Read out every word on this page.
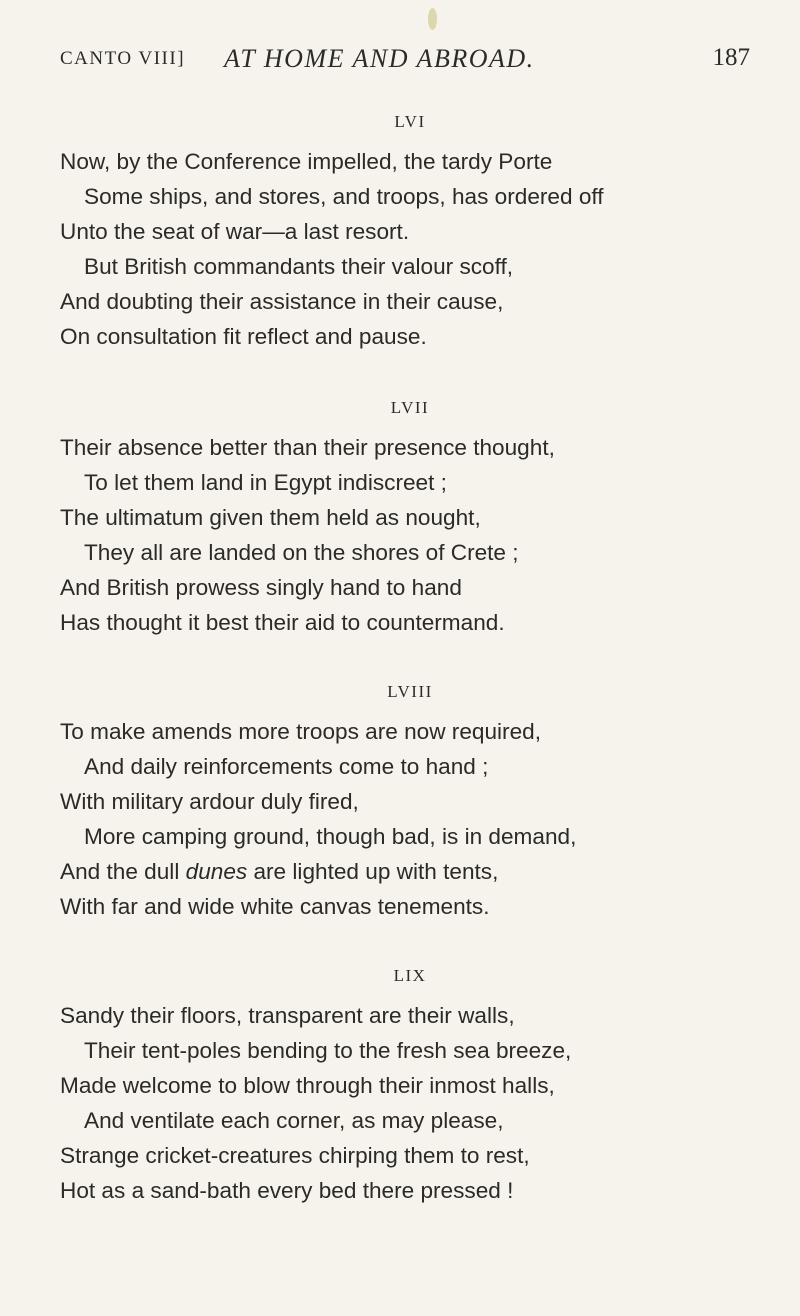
CANTO VIII] AT HOME AND ABROAD.	187
LVI
Now, by the Conference impelled, the tardy Porte
Some ships, and stores, and troops, has ordered off
Unto the seat of war—a last resort.
But British commandants their valour scoff,
And doubting their assistance in their cause,
On consultation fit reflect and pause.
LVII
Their absence better than their presence thought,
To let them land in Egypt indiscreet ;
The ultimatum given them held as nought,
They all are landed on the shores of Crete ;
And British prowess singly hand to hand
Has thought it best their aid to countermand.
LVIII
To make amends more troops are now required,
And daily reinforcements come to hand ;
With military ardour duly fired,
More camping ground, though bad, is in demand,
And the dull dunes are lighted up with tents,
With far and wide white canvas tenements.
LIX
Sandy their floors, transparent are their walls,
Their tent-poles bending to the fresh sea breeze,
Made welcome to blow through their inmost halls,
And ventilate each corner, as may please,
Strange cricket-creatures chirping them to rest,
Hot as a sand-bath every bed there pressed !
